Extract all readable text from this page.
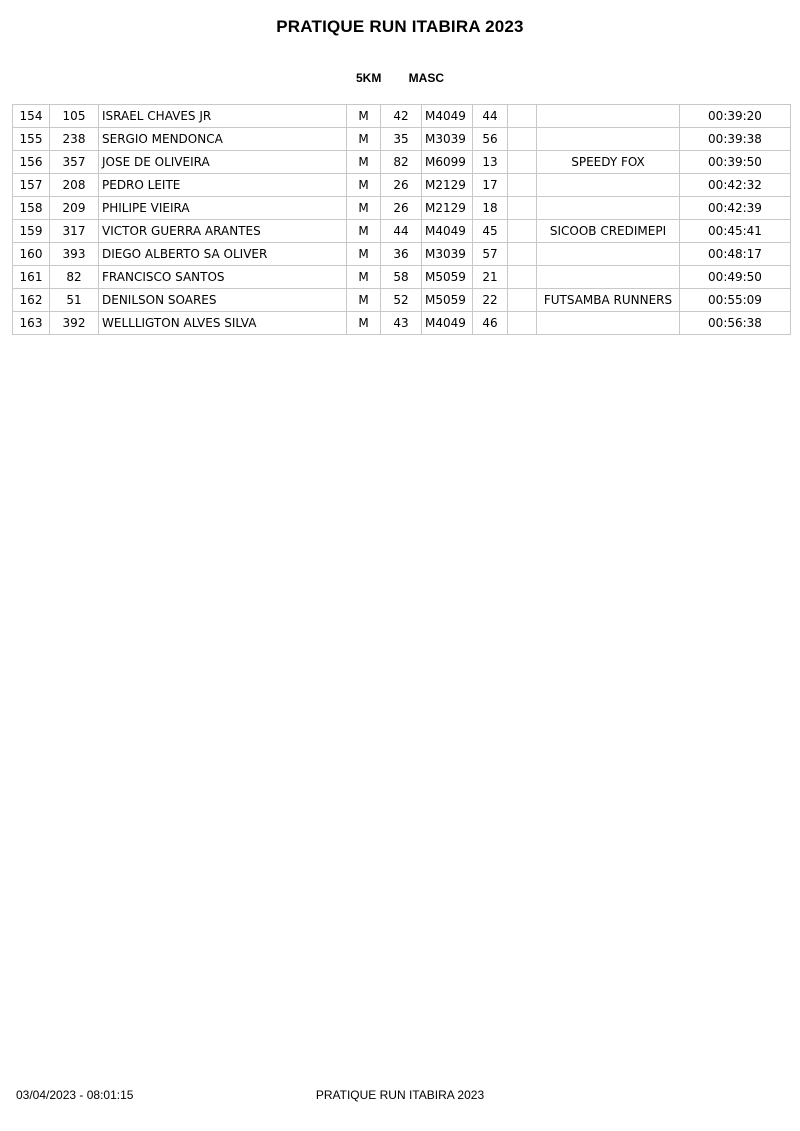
PRATIQUE RUN ITABIRA 2023
5KM MASC
154	105	ISRAEL CHAVES JR	M	42	M4049	44			00:39:20
155	238	SERGIO MENDONCA	M	35	M3039	56			00:39:38
156	357	JOSE DE OLIVEIRA	M	82	M6099	13		SPEEDY FOX	00:39:50
157	208	PEDRO LEITE	M	26	M2129	17			00:42:32
158	209	PHILIPE VIEIRA	M	26	M2129	18			00:42:39
159	317	VICTOR GUERRA ARANTES	M	44	M4049	45		SICOOB CREDIMEPI	00:45:41
160	393	DIEGO ALBERTO SA OLIVER	M	36	M3039	57			00:48:17
161	82	FRANCISCO SANTOS	M	58	M5059	21			00:49:50
162	51	DENILSON SOARES	M	52	M5059	22		FUTSAMBA RUNNERS	00:55:09
163	392	WELLLIGTON ALVES SILVA	M	43	M4049	46			00:56:38
03/04/2023 - 08:01:15	PRATIQUE RUN ITABIRA 2023
